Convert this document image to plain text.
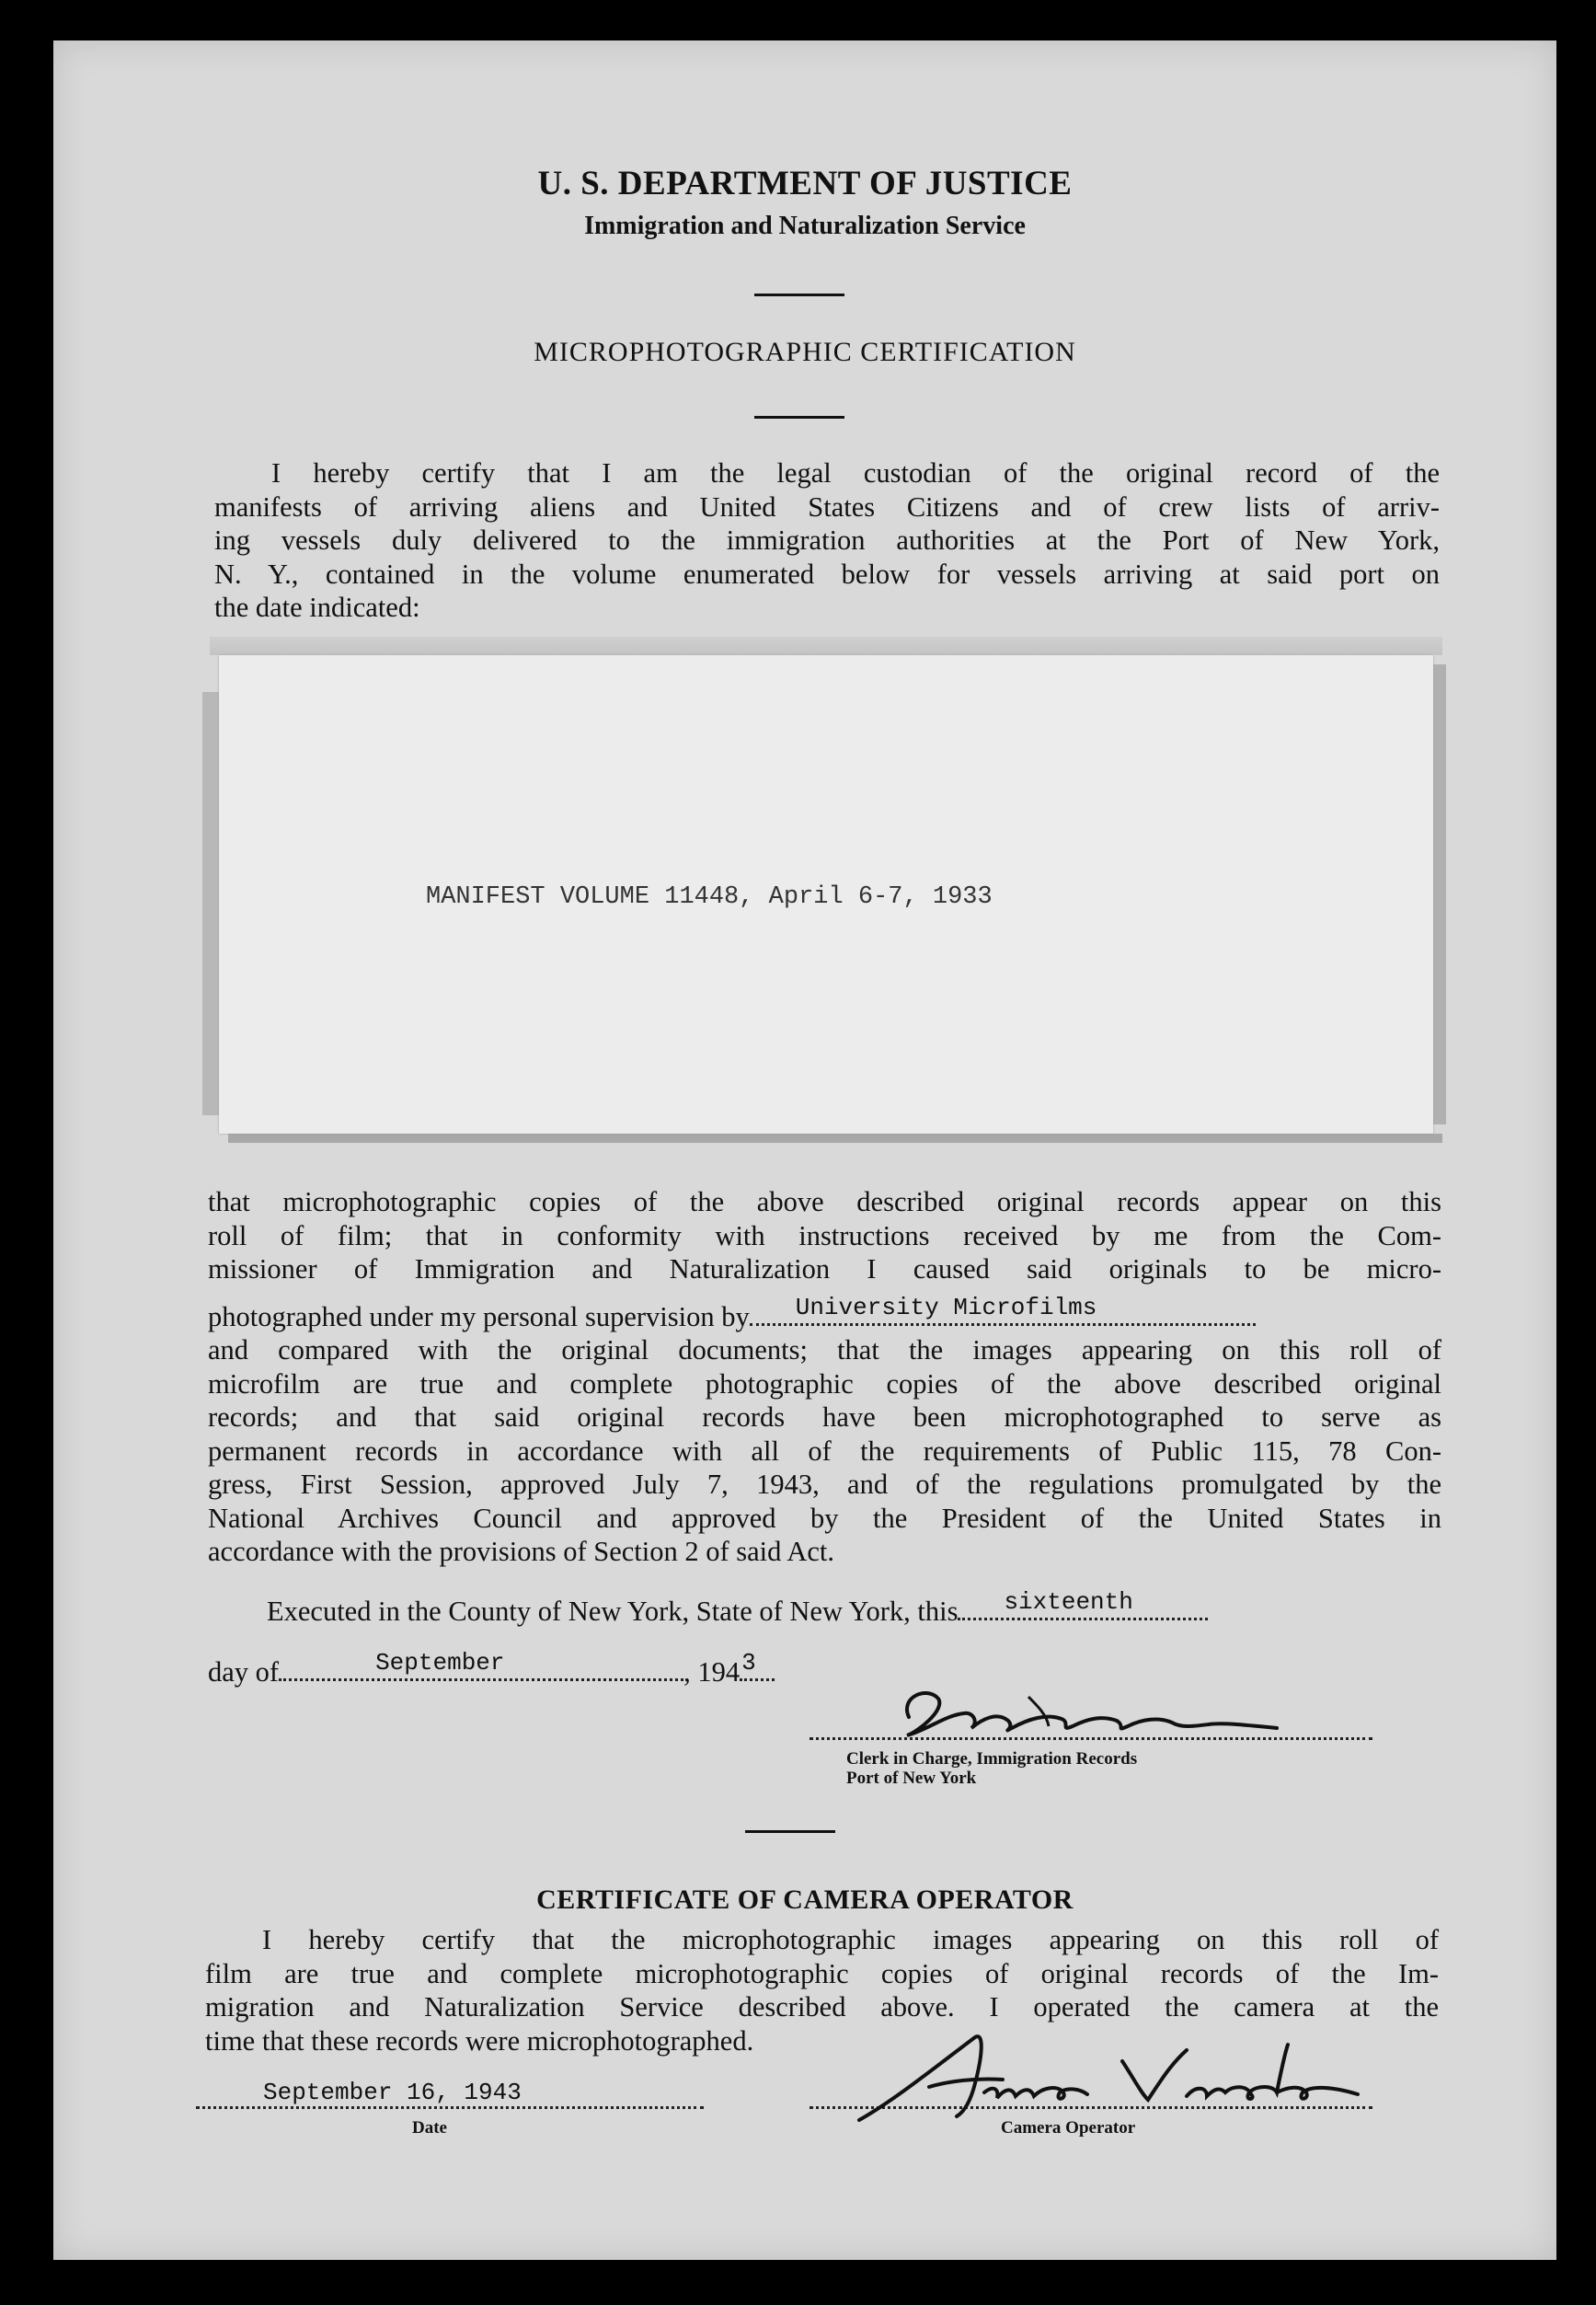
U. S. DEPARTMENT OF JUSTICE
Immigration and Naturalization Service
MICROPHOTOGRAPHIC CERTIFICATION
I hereby certify that I am the legal custodian of the original record of the
manifests of arriving aliens and United States Citizens and of crew lists of arriv-
ing vessels duly delivered to the immigration authorities at the Port of New York,
N. Y., contained in the volume enumerated below for vessels arriving at said port on
the date indicated:
MANIFEST VOLUME 11448, April 6-7, 1933
that microphotographic copies of the above described original records appear on this
roll of film; that in conformity with instructions received by me from the Com-
missioner of Immigration and Naturalization I caused said originals to be micro-
photographed under my personal supervision by University Microfilms
and compared with the original documents; that the images appearing on this roll of
microfilm are true and complete photographic copies of the above described original
records; and that said original records have been microphotographed to serve as
permanent records in accordance with all of the requirements of Public 115, 78 Con-
gress, First Session, approved July 7, 1943, and of the regulations promulgated by the
National Archives Council and approved by the President of the United States in
accordance with the provisions of Section 2 of said Act.
Executed in the County of New York, State of New York, this sixteenth
day of	September	, 194 3
Clerk in Charge, Immigration Records
Port of New York
CERTIFICATE OF CAMERA OPERATOR
I hereby certify that the microphotographic images appearing on this roll of
film are true and complete microphotographic copies of original records of the Im-
migration and Naturalization Service described above. I operated the camera at the
time that these records were microphotographed.
September 16, 1943
Date	Camera Operator
